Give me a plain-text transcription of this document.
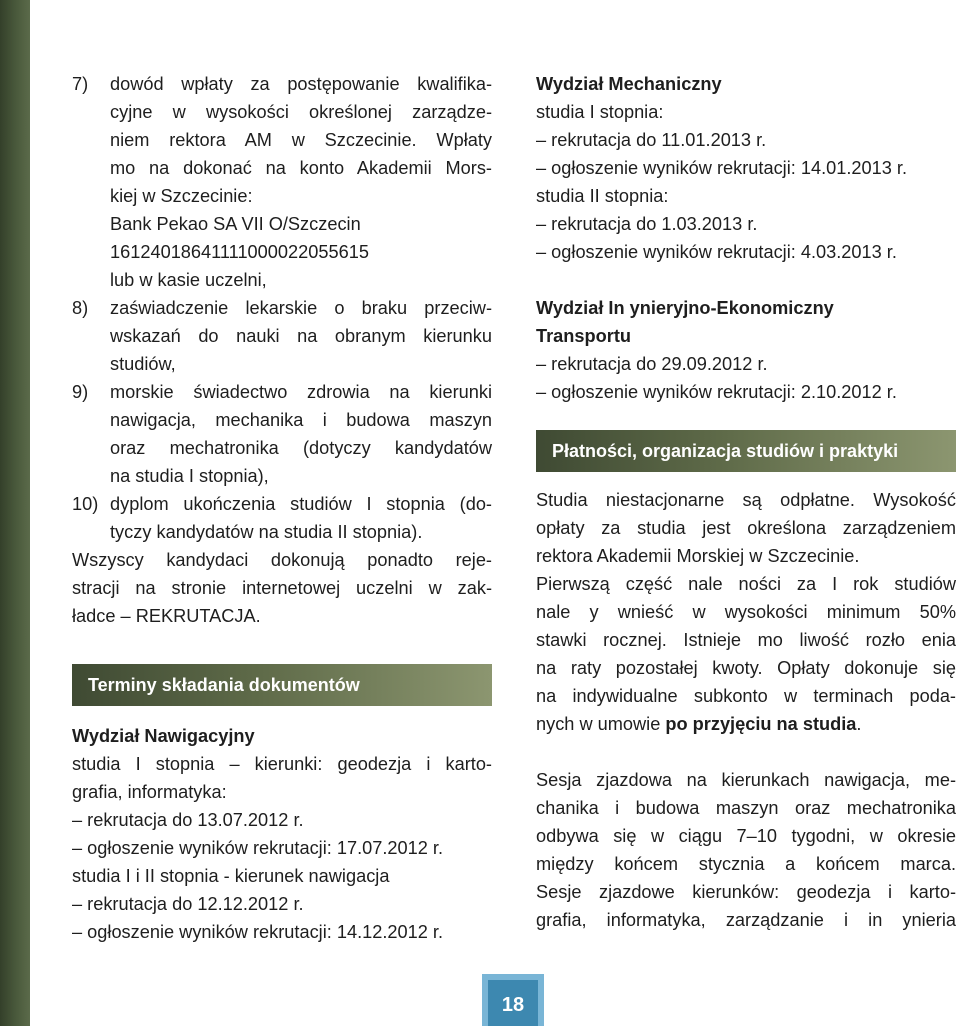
7) dowód wpłaty za postępowanie kwalifika-
cyjne w wysokości określonej zarządze-
niem rektora AM w Szczecinie. Wpłaty
mo na dokonać na konto Akademii Mors-
kiej w Szczecinie:
Bank Pekao SA VII O/Szczecin
16124018641111000022055615
lub w kasie uczelni,
8) zaświadczenie lekarskie o braku przeciw-
wskazań do nauki na obranym kierunku
studiów,
9) morskie świadectwo zdrowia na kierunki
nawigacja, mechanika i budowa maszyn
oraz mechatronika (dotyczy kandydatów
na studia I stopnia),
10) dyplom ukończenia studiów I stopnia (do-
tyczy kandydatów na studia II stopnia).
Wszyscy kandydaci dokonują ponadto reje-
stracji na stronie internetowej uczelni w zak-
ładce – REKRUTACJA.
Terminy składania dokumentów
Wydział Nawigacyjny
studia I stopnia – kierunki: geodezja i karto-
grafia, informatyka:
– rekrutacja do 13.07.2012 r.
– ogłoszenie wyników rekrutacji: 17.07.2012 r.
studia I i II stopnia - kierunek nawigacja
– rekrutacja do 12.12.2012 r.
– ogłoszenie wyników rekrutacji: 14.12.2012 r.
Wydział Mechaniczny
studia I stopnia:
– rekrutacja do 11.01.2013 r.
– ogłoszenie wyników rekrutacji: 14.01.2013 r.
studia II stopnia:
– rekrutacja do 1.03.2013 r.
– ogłoszenie wyników rekrutacji: 4.03.2013 r.
Wydział In ynieryjno-Ekonomiczny
Transportu
– rekrutacja do 29.09.2012 r.
– ogłoszenie wyników rekrutacji: 2.10.2012 r.
Płatności, organizacja studiów i praktyki
Studia niestacjonarne są odpłatne. Wysokość
opłaty za studia jest określona zarządzeniem
rektora Akademii Morskiej w Szczecinie.
Pierwszą część nale ności za I rok studiów
nale y wnieść w wysokości minimum 50%
stawki rocznej. Istnieje mo liwość rozło enia
na raty pozostałej kwoty. Opłaty dokonuje się
na indywidualne subkonto w terminach poda-
nych w umowie po przyjęciu na studia.
Sesja zjazdowa na kierunkach nawigacja, me-
chanika i budowa maszyn oraz mechatronika
odbywa się w ciągu 7–10 tygodni, w okresie
między końcem stycznia a końcem marca.
Sesje zjazdowe kierunków: geodezja i karto-
grafia, informatyka, zarządzanie i in ynieria
18
